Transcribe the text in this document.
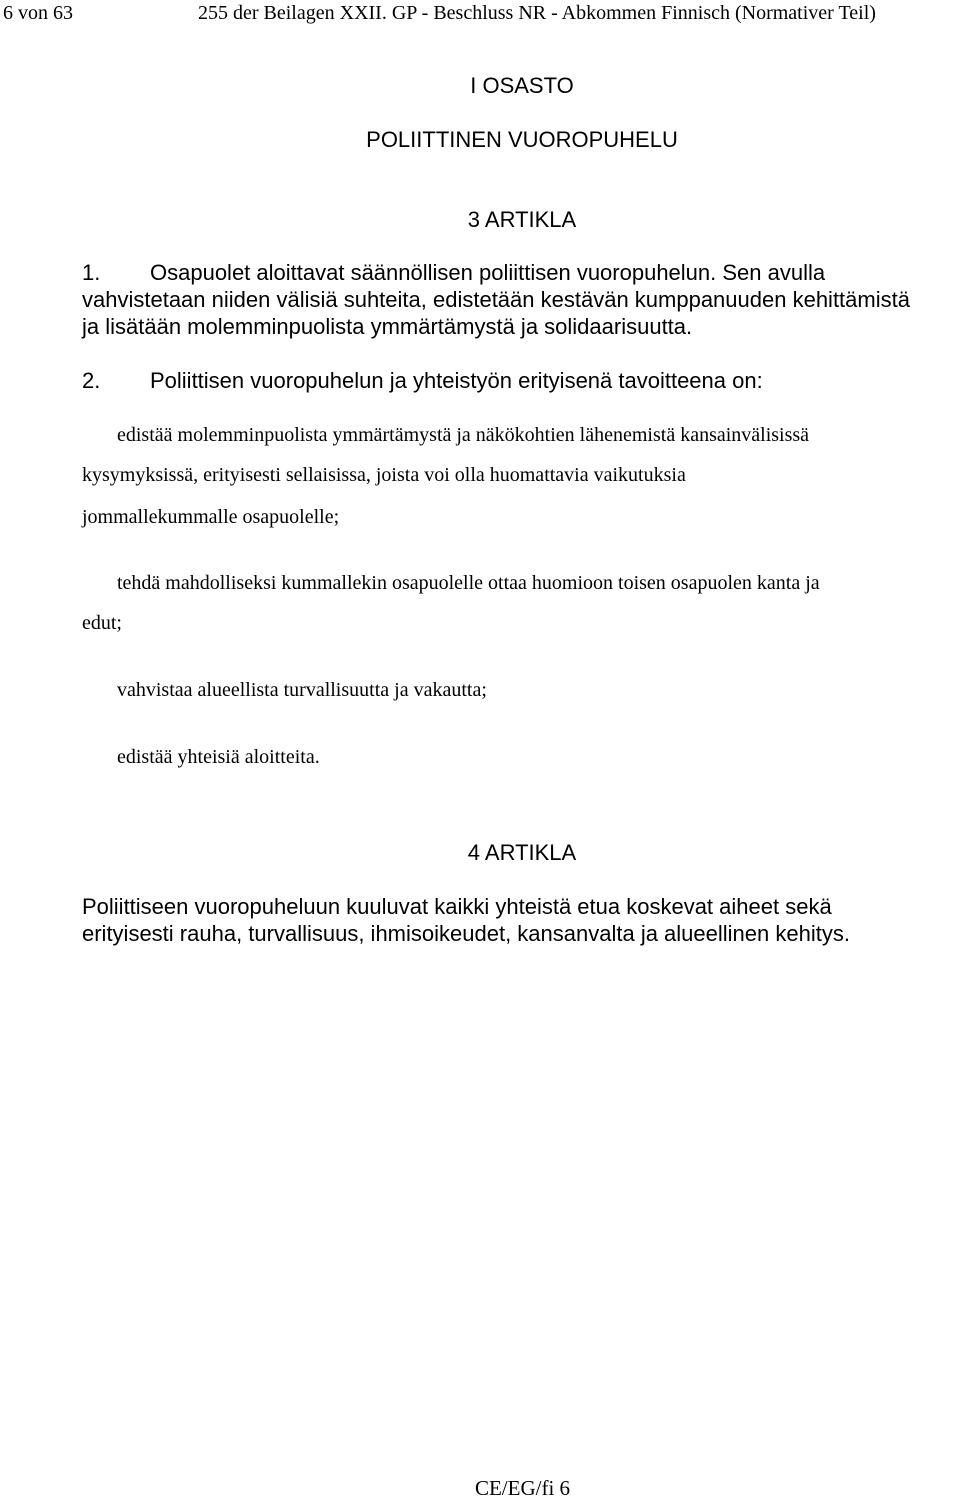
6 von 63	255 der Beilagen XXII. GP - Beschluss NR - Abkommen Finnisch (Normativer Teil)
I OSASTO
POLIITTINEN VUOROPUHELU
3 ARTIKLA
1. Osapuolet aloittavat säännöllisen poliittisen vuoropuhelun. Sen avulla
vahvistetaan niiden välisiä suhteita, edistetään kestävän kumppanuuden kehittämistä
ja lisätään molemminpuolista ymmärtämystä ja solidaarisuutta.
2. Poliittisen vuoropuhelun ja yhteistyön erityisenä tavoitteena on:
edistää molemminpuolista ymmärtämystä ja näkökohtien lähenemistä kansainvälisissä
kysymyksissä, erityisesti sellaisissa, joista voi olla huomattavia vaikutuksia
jommallekummalle osapuolelle;
tehdä mahdolliseksi kummallekin osapuolelle ottaa huomioon toisen osapuolen kanta ja
edut;
vahvistaa alueellista turvallisuutta ja vakautta;
edistää yhteisiä aloitteita.
4 ARTIKLA
Poliittiseen vuoropuheluun kuuluvat kaikki yhteistä etua koskevat aiheet sekä
erityisesti rauha, turvallisuus, ihmisoikeudet, kansanvalta ja alueellinen kehitys.
CE/EG/fi 6
